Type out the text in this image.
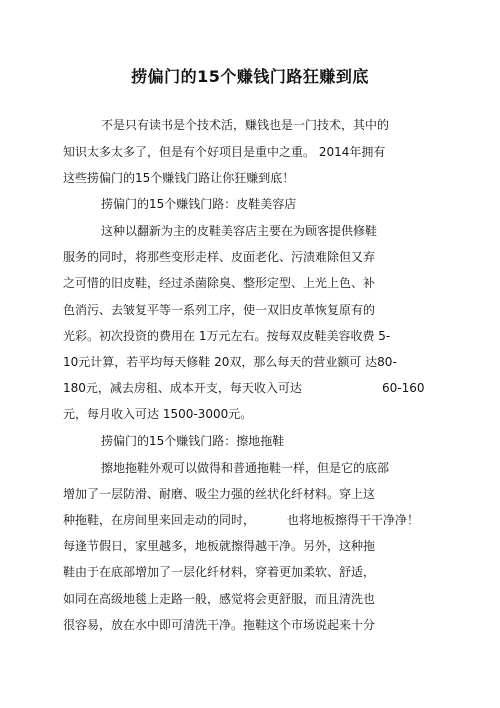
捞偏门的15个赚钱门路狂赚到底
不是只有读书是个技术活，赚钱也是一门技术，其中的
知识太多太多了，但是有个好项目是重中之重。 2014年拥有
这些捞偏门的15个赚钱门路让你狂赚到底！
捞偏门的15个赚钱门路：皮鞋美容店
这种以翻新为主的皮鞋美容店主要在为顾客提供修鞋
服务的同时，将那些变形走样、皮面老化、污渍难除但又弃
之可惜的旧皮鞋，经过杀菌除臭、整形定型、上光上色、补
色消污、去皱复平等一系列工序，使一双旧皮革恢复原有的
光彩。初次投资的费用在 1万元左右。按每双皮鞋美容收费 5-
10元计算，若平均每天修鞋 20双，那么每天的营业额可 达80-
180元，减去房租、成本开支，每天收入可达	60-160
元，每月收入可达 1500-3000元。
捞偏门的15个赚钱门路：擦地拖鞋
擦地拖鞋外观可以做得和普通拖鞋一样，但是它的底部
增加了一层防滑、耐磨、吸尘力强的丝状化纤材料。穿上这
种拖鞋，在房间里来回走动的同时，	也将地板擦得干干净净！
每逢节假日，家里越多，地板就擦得越干净。另外，这种拖
鞋由于在底部增加了一层化纤材料，穿着更加柔软、舒适，
如同在高级地毯上走路一般，感觉将会更舒服，而且清洗也
很容易，放在水中即可清洗干净。拖鞋这个市场说起来十分
